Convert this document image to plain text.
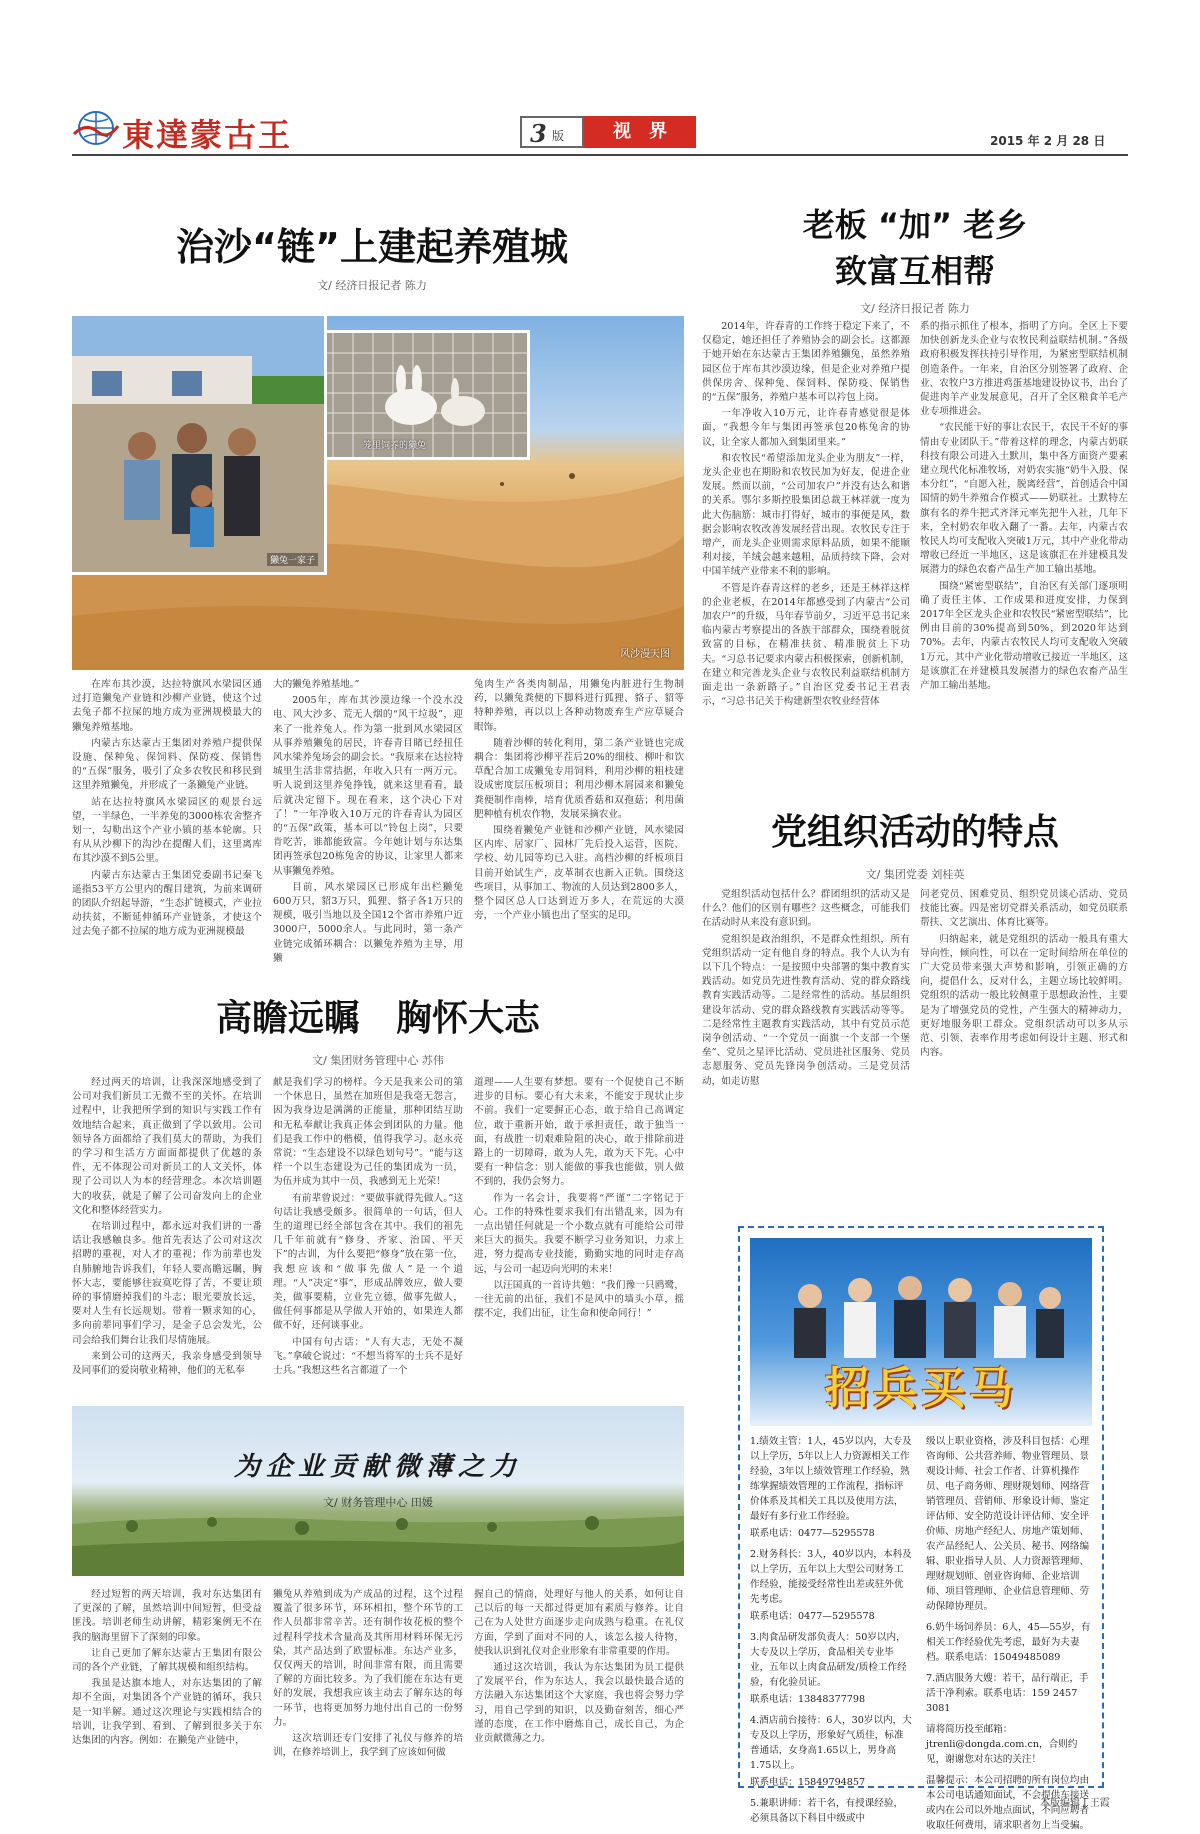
東達蒙古王	3 版	视　界	2015 年 2 月 28 日
治沙“链”上建起养殖城
文/ 经济日报记者 陈力
风沙漫天图
笼里饲养的獭兔
獭兔一家子

在库布其沙漠，达拉特旗风水梁园区通过打造獭兔产业链和沙柳产业链，使这个过去兔子都不拉屎的地方成为亚洲规模最大的獭兔养殖基地。

内蒙古东达蒙古王集团对养殖户提供保设施、保种兔、保饲料、保防疫、保销售的“五保”服务，吸引了众多农牧民和移民到这里养殖獭兔，并形成了一条獭兔产业链。

站在达拉特旗风水梁园区的观景台远望，一半绿色，一半养兔的3000栋农舍整齐划一，勾勒出这个产业小镇的基本轮廓。只有从从沙柳下的沟沙在提醒人们，这里离库布其沙漠不到5公里。

内蒙古东达蒙古王集团党委副书记秦飞遥指53平方公里内的醒目建筑，为前来调研的团队介绍起导游，“生态扩链模式，产业拉动扶贫，不断延伸循环产业链条，才使这个过去兔子都不拉屎的地方成为亚洲规模最

大的獭兔养殖基地。”

2005年，库布其沙漠边缘一个没水没电、风大沙多、荒无人烟的“风干垃圾”，迎来了一批养兔人。作为第一批到风水梁园区从事养殖獭兔的居民，许春青目睹已经扭任风水梁养兔场会的副会长。“我原来在达拉特城里生活非常拮据，年收入只有一两万元。听人说到这里养兔挣钱，就来这里看看，最后就决定留下。现在看来，这个决心下对了！”一年净收入10万元的许春青认为园区的“五保”政策，基本可以“铃包上岗”，只要肯吃苦，谁都能致富。今年她计划与东达集团再签承包20栋兔舍的协议，让家里人都来从事獭兔养殖。

目前，风水梁园区已形成年出栏獭兔600万只，貂3万只，狐狸、貉子各1万只的规模，吸引当地以及全国12个省市养殖户近3000户，5000余人。与此同时，第一条产业链完成循环耦合：以獭兔养殖为主导，用獭

兔肉生产各类肉制品，用獭兔内脏进行生物制药，以獭兔粪便的下脚料进行狐狸、貉子、貂等特种养殖，再以以上各种动物废弃生产应草疑合眼饰。

随着沙柳的转化利用，第二条产业链也完成耦合：集团将沙柳平茬后20%的细枝、柳叶和饮草配合加工成獭兔专用饲料，利用沙柳的粗枝建设成密度层压板项目；利用沙柳木屑园来和獭兔粪便制作南棒，培育优质香菇和双孢菇；利用菌肥种植有机农作物，发展采摘农业。

围绕着獭兔产业链和沙柳产业链，风水梁园区内库、居家厂、园林厂先后投入运营，医院、学校、幼儿园等均已入驻。高档沙柳的纤板项目目前开始试生产，皮革制衣也新入正轨。围绕这些项目，从事加工、物流的人员达到2800多人，整个园区总人口达到近万多人，在荒远的大漠旁，一个产业小镇也出了坚实的足印。

老板 “加” 老乡
致富互相帮
文/ 经济日报记者 陈力

2014年，许春青的工作终于稳定下来了，不仅稳定，她还担任了养殖协会的副会长。这都源于她开始在东达蒙古王集团养殖獭兔，虽然养殖园区位于库布其沙漠边缘，但是企业对养殖户提供保房舍、保种兔、保饲料、保防疫、保销售的“五保”服务，养殖户基本可以衿包上岗。

一年净收入10万元，让许春青感觉很是体面，“我想今年与集团再签承包20栋兔舍的协议，让全家人都加入到集团里来。”

和农牧民“希望添加龙头企业为朋友”一样，龙头企业也在期盼和农牧民加为好友，促进企业发展。然而以前，“公司加农户”并没有达么和谐的关系。鄂尔多斯控股集团总裁王林祥就一度为此大伤脑筋：城市打得好，城市的事便是风，数据会影响农牧改善发展经营出现。农牧民专注于增产，而龙头企业则需求原料品质，如果不能顺利对接，羊绒会越来越粗，品质持续下降，会对中国羊绒产业带来不利的影响。

不管是许春青这样的老乡，还是王林祥这样的企业老板，在2014年都感受到了内蒙古“公司加农户”的升级，马年春节前夕，习近平总书记来临内蒙古考察提出的各族干部群众，围绕着脱贫致富的目标，在精准扶贫、精准脱贫上下功夫。“习总书记要求内蒙古积极探索，创新机制，在建立和完善龙头企业与农牧民利益联结机制方面走出一条新路子。”自治区党委书记王君表示，“习总书记关于构建新型农牧业经营体

系的指示抓住了根本，指明了方向。全区上下要加快创新龙头企业与农牧民利益联结机制。”各级政府积极发挥扶持引导作用，为紧密型联结机制创造条件。一年来，自治区分别签署了政府、企业、农牧户3方推进鸡蛋基地建设协议书，出台了促进肉羊产业发展意见，召开了全区粮食羊毛产业专项推进会。

“农民能干好的事让农民干，农民干不好的事情由专业团队干。”带着这样的理念，内蒙古奶联科技有限公司进入土默川，集中各方面资产要素建立现代化标准牧场，对奶农实施“奶牛入股、保本分红”，“自愿入社，脱离经营”，首创适合中国国情的奶牛养殖合作模式——奶联社。土默特左旗有名的养牛把式齐泽元率先把牛入社，几年下来，全村奶农年收入翻了一番。去年，内蒙古农牧民人均可支配收入突破1万元，其中产业化带动增收已经近一半地区，这是该旗汇在并建模具发展潜力的绿色农畜产品生产加工输出基地。

围绕“紧密型联结”，自治区有关部门逐项明确了责任主体、工作成果和进度安排，力保到2017年全区龙头企业和农牧民“紧密型联结”，比例由目前的30%提高到50%，到2020年达到70%。去年，内蒙古农牧民人均可支配收入突破1万元，其中产业化带动增收已接近一半地区，这是该旗汇在并建模具发展潜力的绿色农畜产品生产加工输出基地。

党组织活动的特点
文/ 集团党委 刘桂英

党组织活动包括什么？群团组织的活动又是什么？他们的区别有哪些？这些概念，可能我们在活动时从来没有意识到。

党组织是政治组织，不是群众性组织，所有党组织活动一定有他自身的特点。我个人认为有以下几个特点：一是按照中央部署的集中教育实践活动。如党员先进性教育活动、党的群众路线教育实践活动等。二是经常性的活动。基层组织建设年活动、党的群众路线教育实践活动等等。二是经常性主题教育实践活动，其中有党员示范岗争创活动、“一个党员一面旗一个支部一个堡垒”、党员之星评比活动、党员进社区服务、党员志愿服务、党员先锋岗争创活动。三是党员活动，如走访慰

问老党员、困难党员、组织党员谈心活动、党员技能比赛。四是密切党群关系活动，如党员联系帮扶、文艺演出、体育比赛等。

归纳起来，就是党组织的活动一般具有重大导向性，倾向性，可以在一定时间给所在单位的广大党员带来强大声势和影响，引领正确的方向，提倡什么，反对什么，主题立场比较鲜明。党组织的活动一般比较侧重于思想政治性，主要是为了增强党员的党性，产生强大的精神动力，更好地服务职工群众。党组织活动可以多从示范、引领、表率作用考虑如何设计主题、形式和内容。

高瞻远瞩　胸怀大志
文/ 集团财务管理中心 苏伟

经过两天的培训，让我深深地感受到了公司对我们新员工无微不至的关怀。在培训过程中，让我把所学到的知识与实践工作有效地结合起来，真正做到了学以致用。公司领导各方面都给了我们莫大的帮助，为我们的学习和生活方方面面都提供了优越的条件，无不体现公司对新员工的人文关怀，体现了公司以人为本的经营理念。本次培训题大的收获，就是了解了公司奋发向上的企业文化和整体经营实力。

在培训过程中，都永远对我们讲的一番话让我感触良多。他首先表达了公司对这次招聘的重视，对人才的重视；作为前辈也发自肺腑地告诉我们，年轻人要高瞻远瞩，胸怀大志，要能够往寂寞吃得了苦，不要让琐碎的事情磨掉我们的斗志；眼光要放长远，要对人生有长远规划。带着一颗求知的心，多向前辈同事们学习，是金子总会发光，公司会给我们舞台让我们尽情施展。

来到公司的这两天，我亲身感受到领导及同事们的爱岗敬业精神，他们的无私奉

献是我们学习的榜样。今天是我来公司的第一个休息日，虽然在加班但是我毫无怨言，因为我身边是满满的正能量，那种团结互助和无私奉献让我真正体会到团队的力量。他们是我工作中的楷模，值得我学习。赵永亮常说：“生态建设不以绿色划句号”。“能与这样一个以生态建设为己任的集团成为一员，为伍并成为其中一员，我感到无上光荣！

有前辈曾说过：“要做事就得先做人。”这句话让我感受颇多。很简单的一句话，但人生的道理已经全部包含在其中。我们的祖先几千年前就有“修身、齐家、治国、平天下”的古训，为什么要把“修身”放在第一位，我想应该和“做事先做人”是一个道理。“人”决定“事”，形成品牌效应，做人要美，做事要精，立业先立德，做事先做人，做任何事都是从学做人开始的，如果连人都做不好，还何谈事业。

中国有句古话：“人有大志，无处不凝飞。”拿破仑说过：“不想当将军的士兵不是好士兵。”我想这些名言都道了一个

道理——人生要有梦想。要有一个促使自己不断进步的目标。要心有大未来，不能安于现状止步不前。我们一定要摒正心态，敢于给自己高调定位，敢于重新开始，敢于承担责任，敢于独当一面，有战胜一切艰难险阻的决心，敢于排除前进路上的一切障碍，敢为人先，敢为天下先。心中要有一种信念：别人能做的事我也能做，别人做不到的，我仍会努力。

作为一名会计，我要将“严谨”二字铭记于心。工作的特殊性要求我们有出错乱来，因为有一点出错任何就是一个小数点就有可能给公司带来巨大的损失。我要不断学习业务知识，力求上进，努力提高专业技能，勤勤实地的同时走存高远，与公司一起迈向光明的未来！

以汪国真的一首诗共勉：“我们豫一只鸥鹭，一往无前的出征，我们不是风中的墙头小草，摇摆不定，我们出征，让生命和使命同行！”

为企业贡献微薄之力
文/ 财务管理中心 田媛

经过短暂的两天培训，我对东达集团有了更深的了解，虽然培训中间短暂，但受益匪浅。培训老师生动讲解，精彩案例无不在我的脑海里留下了深刻的印象。

让自己更加了解东达蒙古王集团有限公司的各个产业链，了解其规模和组织结构。

我虽是达旗本地人，对东达集团的了解却不全面，对集团各个产业链的循环，我只是一知半解。通过这次理论与实践相结合的培训，让我学到、看到、了解到很多关于东达集团的内容。例如：在獭兔产业链中，

獭兔从养殖到成为产成品的过程，这个过程覆盖了很多环节，环环相扣，整个环节的工作人员都非常辛苦。还有制作妆花板的整个过程科学技术含量高及其所用材料环保无污染，其产品达到了欧盟标准。东达产业多，仅仅两天的培训，时间非常有限，而且需要了解的方面比较多。为了我们能在东达有更好的发展，我想我应该主动去了解东达的每一环节，也将更加努力地付出自己的一份努力。

这次培训还专门安排了礼仪与修养的培训，在修养培训上，我学到了应该如何做

握自己的情商，处理好与他人的关系，如何让自己以后的每一天都过得更加有素质与修养。让自己在为人处世方面逐步走向成熟与稳重。在礼仪方面，学到了面对不同的人，该怎么接人待物，使我认识到礼仪对企业形象有非常重要的作用。

通过这次培训，我认为东达集团为员工提供了发展平台，作为东达人，我会以最快最合适的方法融入东达集团这个大家庭，我也将会努力学习，用自己学到的知识，以及勤奋刻苦，细心严谨的态度，在工作中磨炼自己，成长自己，为企业贡献微薄之力。

招兵买马

1.绩效主管：1人，45岁以内，大专及以上学历，5年以上人力资源相关工作经验，3年以上绩效管理工作经验，熟练掌握绩效管理的工作流程，指标评价体系及其相关工具以及使用方法，最好有多行业工作经验。

联系电话：0477—5295578

2.财务科长：3人，40岁以内，本科及以上学历，五年以上大型公司财务工作经验，能接受经常性出差或驻外优先考虑。

联系电话：0477—5295578

3.肉食品研发部负责人：50岁以内，大专及以上学历，食品相关专业毕业，五年以上肉食品研发/质检工作经验，有化验员证。

联系电话：13848377798

4.酒店前台接待：6人，30岁以内，大专及以上学历，形象好气质佳，标准普通话，女身高1.65以上，男身高1.75以上。

联系电话：15849794857

5.兼职讲师：若干名，有授课经验，必须具备以下科目中级或中

级以上职业资格，涉及科目包括：心理咨询师、公共营养师、物业管理员、景观设计师、社会工作者、计算机操作员、电子商务师、理财规划师、网络营销管理员、营销师、形象设计师、鉴定评估师、安全防范设计评估师、安全评价师、房地产经纪人、房地产策划师、农产品经纪人、公关员、秘书、网络编辑、职业指导人员、人力资源管理师、理财规划师、创业咨询师、企业培训师、项目管理师、企业信息管理师、劳动保障协理员。

6.奶牛场饲养员：6人，45—55岁，有相关工作经验优先考虑，最好为夫妻档。联系电话：15049485089

7.酒店服务大嫂：若干，品行端正，手活干净利索。联系电话：159 2457 3081

请将简历投至邮箱：jtrenli@dongda.com.cn，合则约见，谢谢您对东达的关注！

温馨提示：本公司招聘的所有岗位均由本公司电话通知面试，不会提供车接送或内在公司以外地点面试，不向应聘者收取任何费用，请求职者勿上当受骗。

本版编辑 | 王霞
